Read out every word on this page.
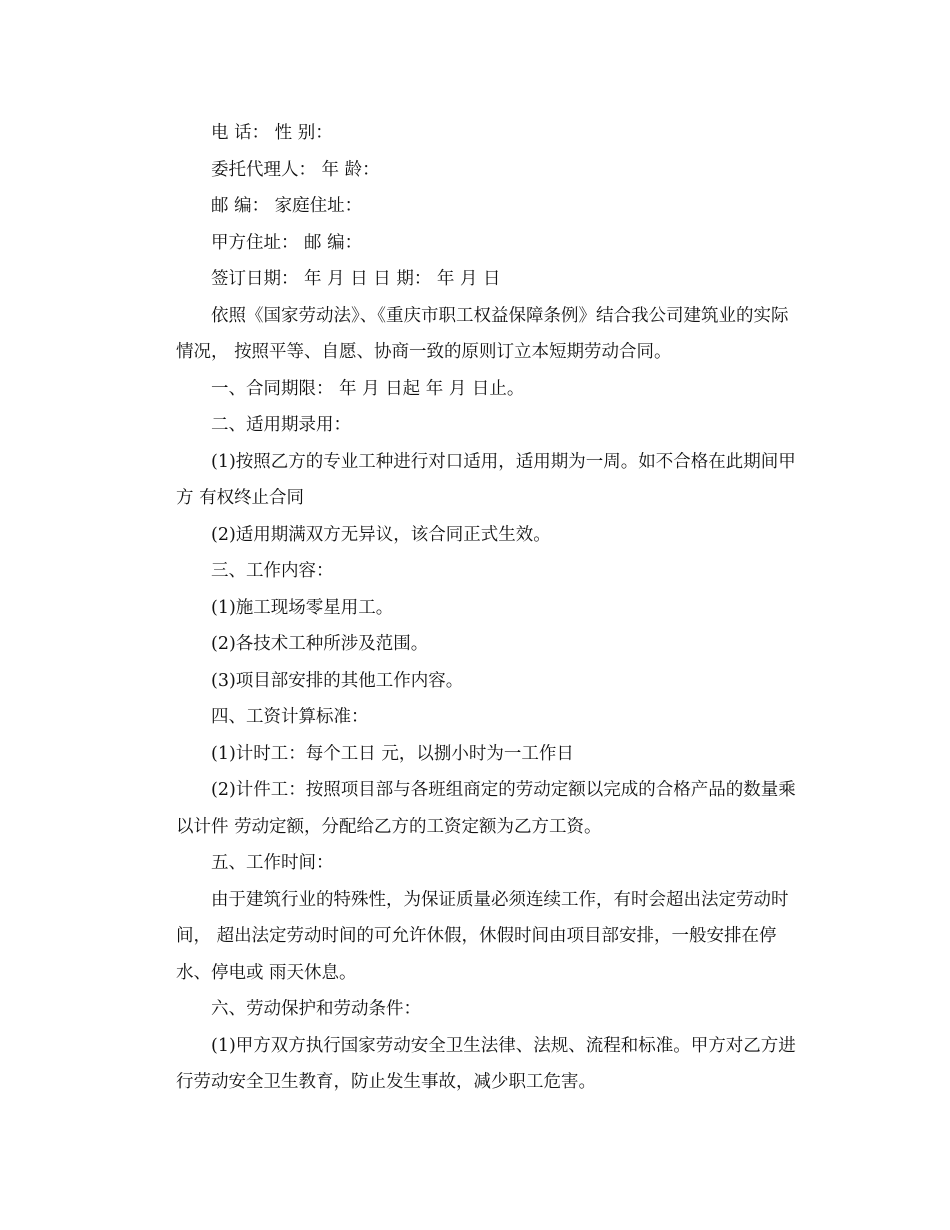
电 话： 性 别：
委托代理人： 年 龄：
邮 编： 家庭住址：
甲方住址： 邮 编：
签订日期： 年 月 日 日 期： 年 月 日
依照《国家劳动法》、《重庆市职工权益保障条例》结合我公司建筑业的实际
情况， 按照平等、自愿、协商一致的原则订立本短期劳动合同。
一、合同期限： 年 月 日起 年 月 日止。
二、适用期录用：
(1)按照乙方的专业工种进行对口适用，适用期为一周。如不合格在此期间甲
方 有权终止合同
(2)适用期满双方无异议，该合同正式生效。
三、工作内容：
(1)施工现场零星用工。
(2)各技术工种所涉及范围。
(3)项目部安排的其他工作内容。
四、工资计算标准：
(1)计时工：每个工日 元，以捌小时为一工作日
(2)计件工：按照项目部与各班组商定的劳动定额以完成的合格产品的数量乘
以计件 劳动定额，分配给乙方的工资定额为乙方工资。
五、工作时间：
由于建筑行业的特殊性，为保证质量必须连续工作，有时会超出法定劳动时
间， 超出法定劳动时间的可允许休假，休假时间由项目部安排，一般安排在停
水、停电或 雨天休息。
六、劳动保护和劳动条件：
(1)甲方双方执行国家劳动安全卫生法律、法规、流程和标准。甲方对乙方进
行劳动安全卫生教育，防止发生事故，减少职工危害。
